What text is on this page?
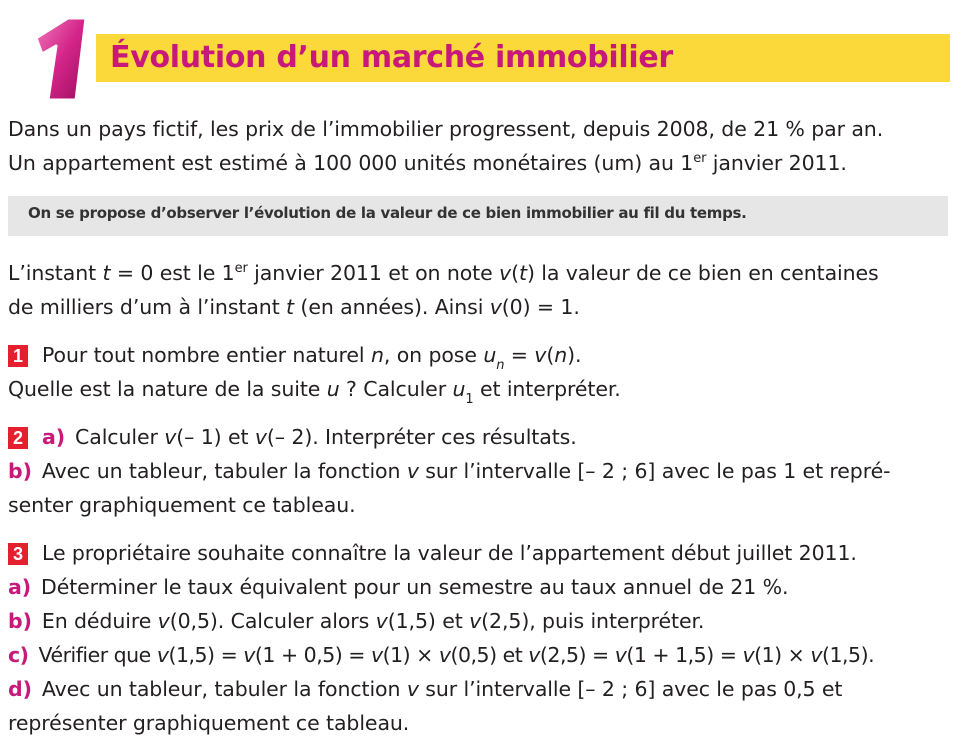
Évolution d’un marché immobilier
Dans un pays fictif, les prix de l’immobilier progressent, depuis 2008, de 21 % par an.
Un appartement est estimé à 100 000 unités monétaires (um) au 1er janvier 2011.
On se propose d’observer l’évolution de la valeur de ce bien immobilier au fil du temps.
L’instant t = 0 est le 1er janvier 2011 et on note v(t) la valeur de ce bien en centaines
de milliers d’um à l’instant t (en années). Ainsi v(0) = 1.
1 Pour tout nombre entier naturel n, on pose $u_n = v(n)$.
Quelle est la nature de la suite u ? Calculer $u_1$ et interpréter.
2 a) Calculer v(– 1) et v(– 2). Interpréter ces résultats.
b) Avec un tableur, tabuler la fonction v sur l’intervalle [– 2 ; 6] avec le pas 1 et repré-
senter graphiquement ce tableau.
3 Le propriétaire souhaite connaître la valeur de l’appartement début juillet 2011.
a) Déterminer le taux équivalent pour un semestre au taux annuel de 21 %.
b) En déduire v(0,5). Calculer alors v(1,5) et v(2,5), puis interpréter.
c) Vérifier que v(1,5) = v(1 + 0,5) = v(1) × v(0,5) et v(2,5) = v(1 + 1,5) = v(1) × v(1,5).
d) Avec un tableur, tabuler la fonction v sur l’intervalle [– 2 ; 6] avec le pas 0,5 et
représenter graphiquement ce tableau.
